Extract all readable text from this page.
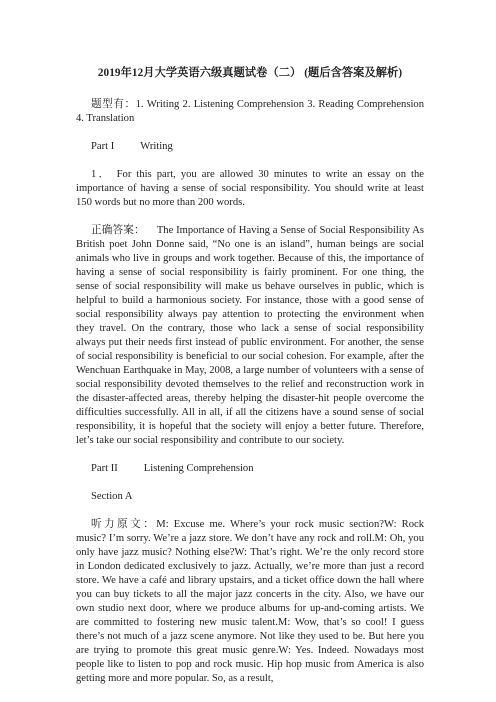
2019年12月大学英语六级真题试卷（二） (题后含答案及解析)

题型有：1. Writing 2. Listening Comprehension 3. Reading Comprehension 4. Translation

Part I Writing

1． For this part, you are allowed 30 minutes to write an essay on the importance of having a sense of social responsibility. You should write at least 150 words but no more than 200 words.

正确答案： The Importance of Having a Sense of Social Responsibility As British poet John Donne said, “No one is an island”, human beings are social animals who live in groups and work together. Because of this, the importance of having a sense of social responsibility is fairly prominent. For one thing, the sense of social responsibility will make us behave ourselves in public, which is helpful to build a harmonious society. For instance, those with a good sense of social responsibility always pay attention to protecting the environment when they travel. On the contrary, those who lack a sense of social responsibility always put their needs first instead of public environment. For another, the sense of social responsibility is beneficial to our social cohesion. For example, after the Wenchuan Earthquake in May, 2008, a large number of volunteers with a sense of social responsibility devoted themselves to the relief and reconstruction work in the disaster-affected areas, thereby helping the disaster-hit people overcome the difficulties successfully. All in all, if all the citizens have a sound sense of social responsibility, it is hopeful that the society will enjoy a better future. Therefore, let’s take our social responsibility and contribute to our society.

Part II Listening Comprehension

Section A

听力原文：M: Excuse me. Where’s your rock music section?W: Rock music? I’m sorry. We’re a jazz store. We don’t have any rock and roll.M: Oh, you only have jazz music? Nothing else?W: That’s right. We’re the only record store in London dedicated exclusively to jazz. Actually, we’re more than just a record store. We have a café and library upstairs, and a ticket office down the hall where you can buy tickets to all the major jazz concerts in the city. Also, we have our own studio next door, where we produce albums for up-and-coming artists. We are committed to fostering new music talent.M: Wow, that’s so cool! I guess there’s not much of a jazz scene anymore. Not like they used to be. But here you are trying to promote this great music genre.W: Yes. Indeed. Nowadays most people like to listen to pop and rock music. Hip hop music from America is also getting more and more popular. So, as a result,
